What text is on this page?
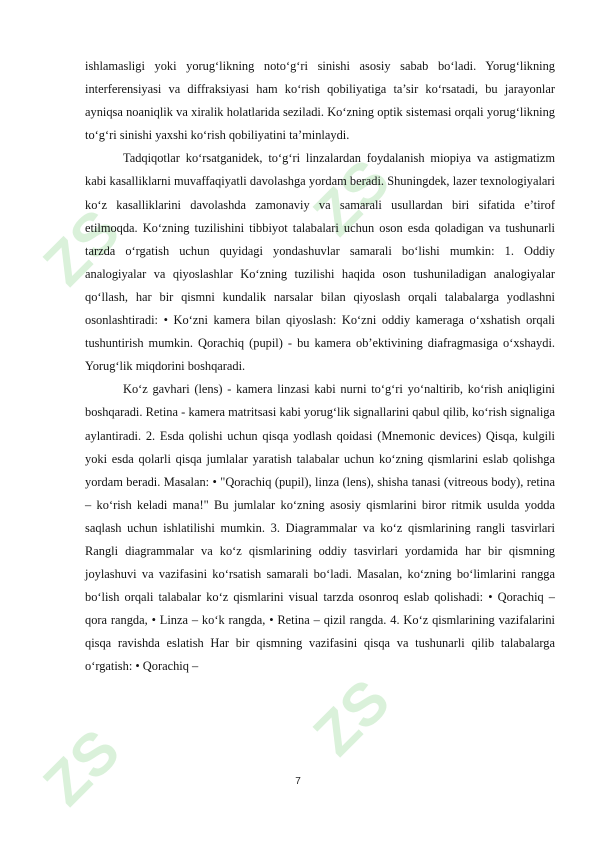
ZS	ZS
ZS	ZS

ishlamasligi yoki yorug‘likning noto‘g‘ri sinishi asosiy sabab bo‘ladi. Yorug‘likning interferensiyasi va diffraksiyasi ham ko‘rish qobiliyatiga ta’sir ko‘rsatadi, bu jarayonlar ayniqsa noaniqlik va xiralik holatlarida seziladi. Ko‘zning optik sistemasi orqali yorug‘likning to‘g‘ri sinishi yaxshi ko‘rish qobiliyatini ta’minlaydi.

Tadqiqotlar ko‘rsatganidek, to‘g‘ri linzalardan foydalanish miopiya va astigmatizm kabi kasalliklarni muvaffaqiyatli davolashga yordam beradi. Shuningdek, lazer texnologiyalari ko‘z kasalliklarini davolashda zamonaviy va samarali usullardan biri sifatida e’tirof etilmoqda. Ko‘zning tuzilishini tibbiyot talabalari uchun oson esda qoladigan va tushunarli tarzda o‘rgatish uchun quyidagi yondashuvlar samarali bo‘lishi mumkin: 1. Oddiy analogiyalar va qiyoslashlar Ko‘zning tuzilishi haqida oson tushuniladigan analogiyalar qo‘llash, har bir qismni kundalik narsalar bilan qiyoslash orqali talabalarga yodlashni osonlashtiradi: • Ko‘zni kamera bilan qiyoslash: Ko‘zni oddiy kameraga o‘xshatish orqali tushuntirish mumkin. Qorachiq (pupil) - bu kamera ob’ektivining diafragmasiga o‘xshaydi. Yorug‘lik miqdorini boshqaradi.

Ko‘z gavhari (lens) - kamera linzasi kabi nurni to‘g‘ri yo‘naltirib, ko‘rish aniqligini boshqaradi. Retina - kamera matritsasi kabi yorug‘lik signallarini qabul qilib, ko‘rish signaliga aylantiradi. 2. Esda qolishi uchun qisqa yodlash qoidasi (Mnemonic devices) Qisqa, kulgili yoki esda qolarli qisqa jumlalar yaratish talabalar uchun ko‘zning qismlarini eslab qolishga yordam beradi. Masalan: • "Qorachiq (pupil), linza (lens), shisha tanasi (vitreous body), retina – ko‘rish keladi mana!" Bu jumlalar ko‘zning asosiy qismlarini biror ritmik usulda yodda saqlash uchun ishlatilishi mumkin. 3. Diagrammalar va ko‘z qismlarining rangli tasvirlari Rangli diagrammalar va ko‘z qismlarining oddiy tasvirlari yordamida har bir qismning joylashuvi va vazifasini ko‘rsatish samarali bo‘ladi. Masalan, ko‘zning bo‘limlarini rangga bo‘lish orqali talabalar ko‘z qismlarini visual tarzda osonroq eslab qolishadi: • Qorachiq – qora rangda, • Linza – ko‘k rangda, • Retina – qizil rangda. 4. Ko‘z qismlarining vazifalarini qisqa ravishda eslatish Har bir qismning vazifasini qisqa va tushunarli qilib talabalarga o‘rgatish: • Qorachiq –

7
